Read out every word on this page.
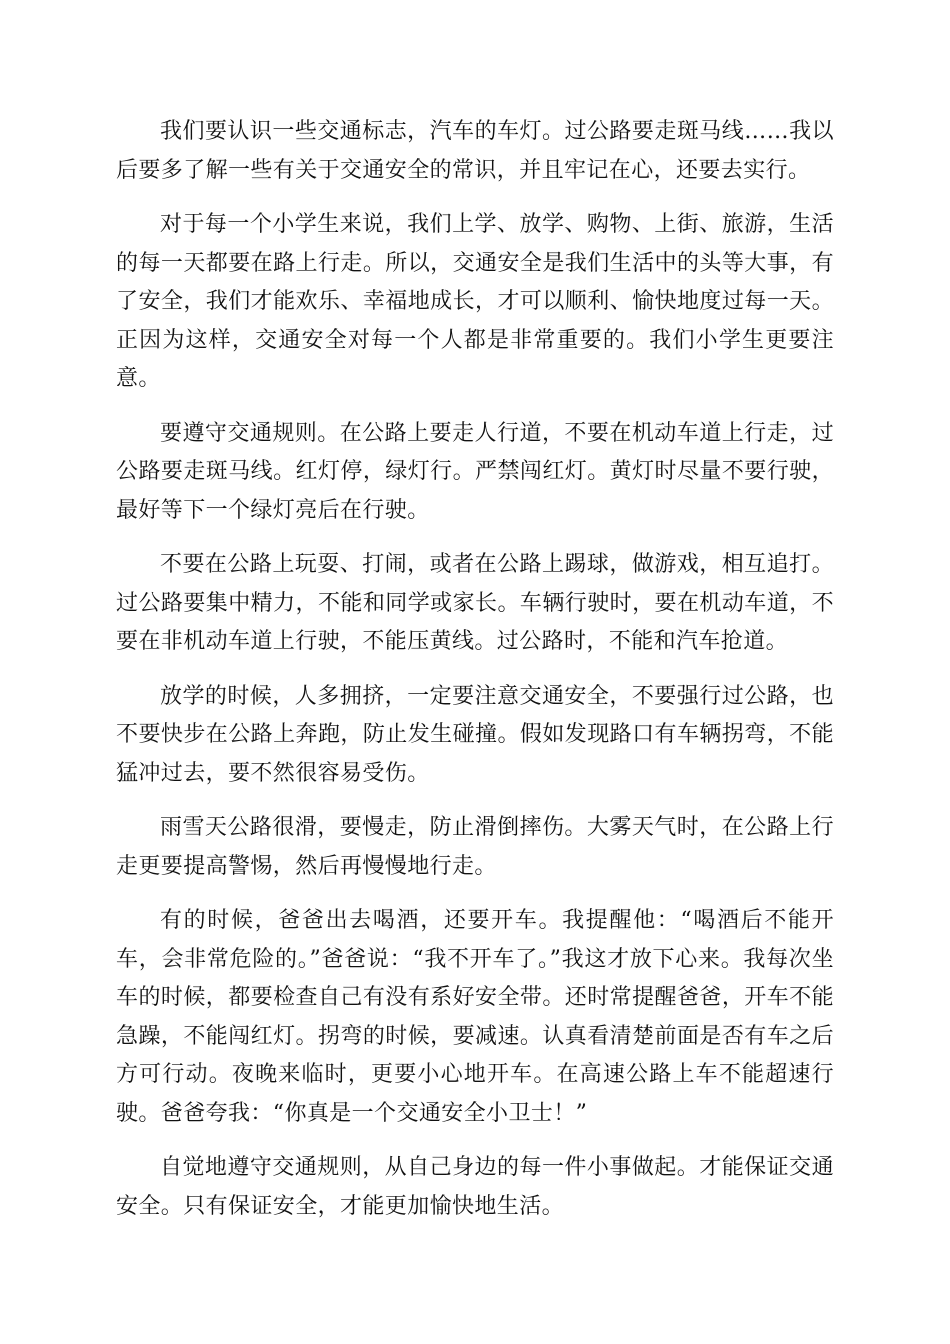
我们要认识一些交通标志，汽车的车灯。过公路要走斑马线……我以后要多了解一些有关于交通安全的常识，并且牢记在心，还要去实行。

对于每一个小学生来说，我们上学、放学、购物、上街、旅游，生活的每一天都要在路上行走。所以，交通安全是我们生活中的头等大事，有了安全，我们才能欢乐、幸福地成长，才可以顺利、愉快地度过每一天。正因为这样，交通安全对每一个人都是非常重要的。我们小学生更要注意。

要遵守交通规则。在公路上要走人行道，不要在机动车道上行走，过公路要走斑马线。红灯停，绿灯行。严禁闯红灯。黄灯时尽量不要行驶，最好等下一个绿灯亮后在行驶。

不要在公路上玩耍、打闹，或者在公路上踢球，做游戏，相互追打。过公路要集中精力，不能和同学或家长。车辆行驶时，要在机动车道，不要在非机动车道上行驶，不能压黄线。过公路时，不能和汽车抢道。

放学的时候，人多拥挤，一定要注意交通安全，不要强行过公路，也不要快步在公路上奔跑，防止发生碰撞。假如发现路口有车辆拐弯，不能猛冲过去，要不然很容易受伤。

雨雪天公路很滑，要慢走，防止滑倒摔伤。大雾天气时，在公路上行走更要提高警惕，然后再慢慢地行走。

有的时候，爸爸出去喝酒，还要开车。我提醒他：“喝酒后不能开车，会非常危险的。”爸爸说：“我不开车了。”我这才放下心来。我每次坐车的时候，都要检查自己有没有系好安全带。还时常提醒爸爸，开车不能急躁，不能闯红灯。拐弯的时候，要减速。认真看清楚前面是否有车之后方可行动。夜晚来临时，更要小心地开车。在高速公路上车不能超速行驶。爸爸夸我：“你真是一个交通安全小卫士！”

自觉地遵守交通规则，从自己身边的每一件小事做起。才能保证交通安全。只有保证安全，才能更加愉快地生活。
